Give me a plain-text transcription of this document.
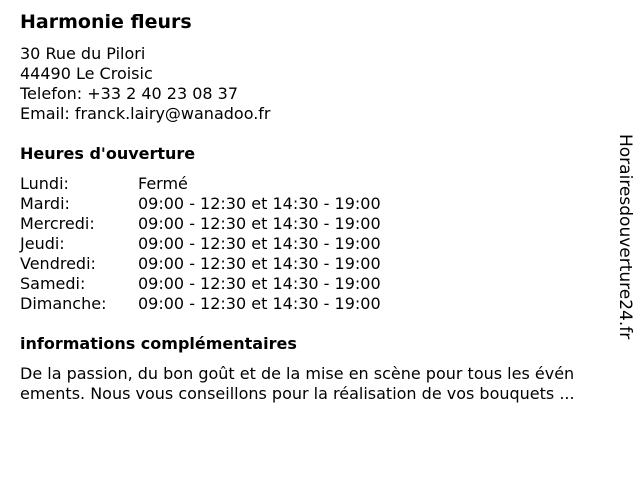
Harmonie fleurs
30 Rue du Pilori
44490 Le Croisic
Telefon: +33 2 40 23 08 37
Email: franck.lairy@wanadoo.fr
Heures d'ouverture
Lundi:	Fermé
Mardi:	09:00 - 12:30 et 14:30 - 19:00
Mercredi:	09:00 - 12:30 et 14:30 - 19:00
Jeudi:	09:00 - 12:30 et 14:30 - 19:00
Vendredi:	09:00 - 12:30 et 14:30 - 19:00
Samedi:	09:00 - 12:30 et 14:30 - 19:00
Dimanche:	09:00 - 12:30 et 14:30 - 19:00
informations complémentaires
De la passion, du bon goût et de la mise en scène pour tous les évén
ements. Nous vous conseillons pour la réalisation de vos bouquets ...
Horairesdouverture24.fr
